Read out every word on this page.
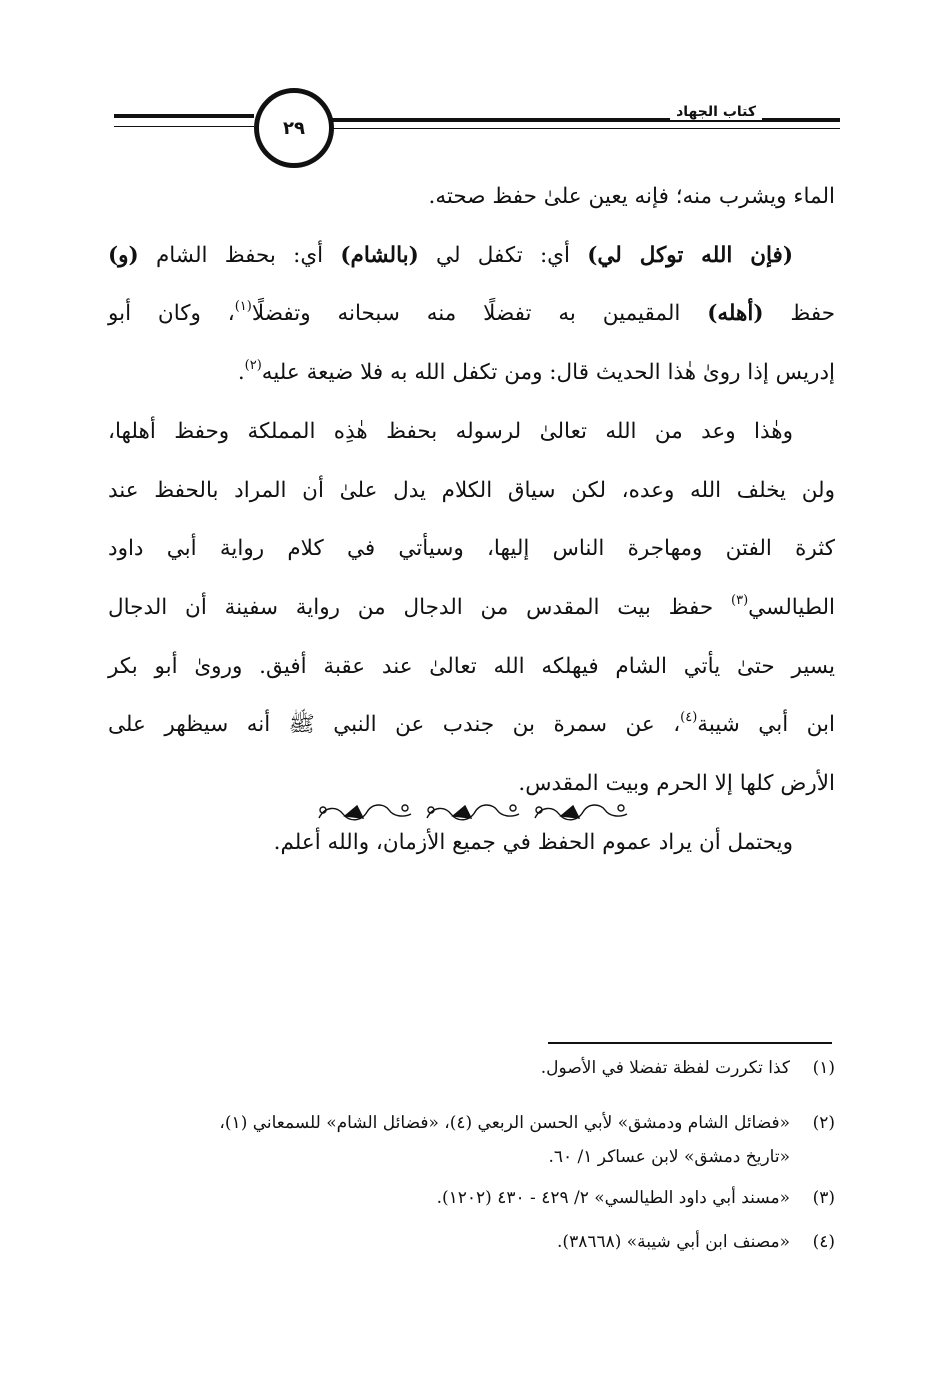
٢٩
كتاب الجهاد
الماء ويشرب منه؛ فإنه يعين علىٰ حفظ صحته.
(فإن الله توكل لي) أي: تكفل لي (بالشام) أي: بحفظ الشام (و)
حفظ (أهله) المقيمين به تفضلًا منه سبحانه وتفضلًا$^{(١)}$، وكان أبو
إدريس إذا روىٰ هٰذا الحديث قال: ومن تكفل الله به فلا ضيعة عليه$^{(٢)}$.
وهٰذا وعد من الله تعالىٰ لرسوله بحفظ هٰذِه المملكة وحفظ أهلها،
ولن يخلف الله وعده، لكن سياق الكلام يدل علىٰ أن المراد بالحفظ عند
كثرة الفتن ومهاجرة الناس إليها، وسيأتي في كلام رواية أبي داود
الطيالسي$^{(٣)}$ حفظ بيت المقدس من الدجال من رواية سفينة أن الدجال
يسير حتىٰ يأتي الشام فيهلكه الله تعالىٰ عند عقبة أفيق. وروىٰ أبو بكر
ابن أبي شيبة$^{(٤)}$، عن سمرة بن جندب عن النبي ﷺ أنه سيظهر على
الأرض كلها إلا الحرم وبيت المقدس.
ويحتمل أن يراد عموم الحفظ في جميع الأزمان، والله أعلم.
(١)
كذا تكررت لفظة تفضلا في الأصول.
(٢)
«فضائل الشام ودمشق» لأبي الحسن الربعي (٤)، «فضائل الشام» للسمعاني (١)،
«تاريخ دمشق» لابن عساكر ١/ ٦٠.
(٣)
«مسند أبي داود الطيالسي» ٢/ ٤٢٩ - ٤٣٠ (١٢٠٢).
(٤)
«مصنف ابن أبي شيبة» (٣٨٦٦٨).
